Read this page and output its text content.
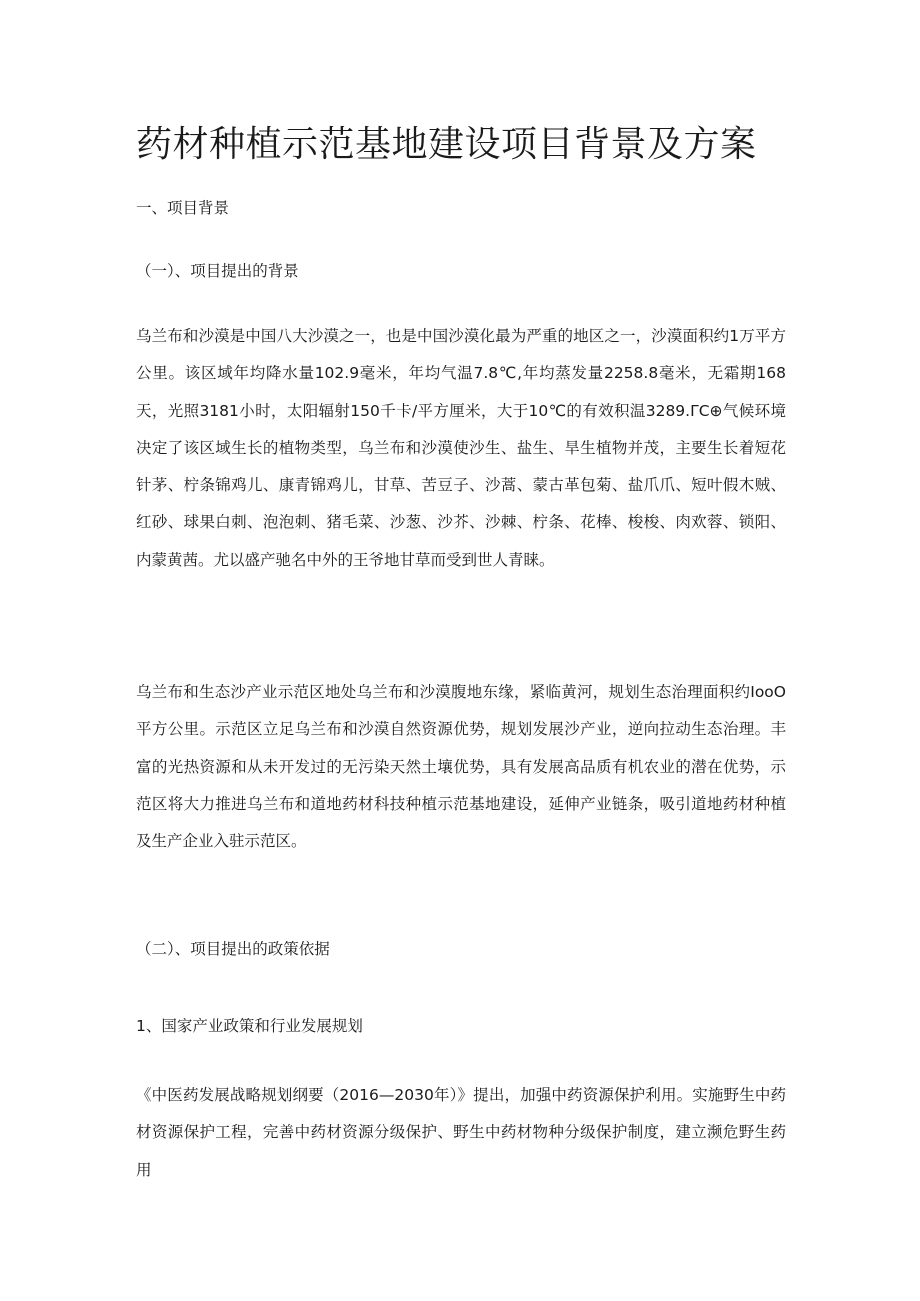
药材种植示范基地建设项目背景及方案

一、项目背景

（一）、项目提出的背景

乌兰布和沙漠是中国八大沙漠之一，也是中国沙漠化最为严重的地区之一，沙漠面积约1万平方公里。该区域年均降水量102.9毫米，年均气温7.8℃,年均蒸发量2258.8毫米，无霜期168天，光照3181小时，太阳辐射150千卡/平方厘米，大于10℃的有效积温3289.ΓC⊕气候环境决定了该区域生长的植物类型，乌兰布和沙漠使沙生、盐生、旱生植物并茂，主要生长着短花针茅、柠条锦鸡儿、康青锦鸡儿，甘草、苦豆子、沙蒿、蒙古革包菊、盐爪爪、短叶假木贼、红砂、球果白刺、泡泡刺、猪毛菜、沙葱、沙芥、沙棘、柠条、花棒、梭梭、肉欢蓉、锁阳、内蒙黄茜。尤以盛产驰名中外的王爷地甘草而受到世人青睐。

乌兰布和生态沙产业示范区地处乌兰布和沙漠腹地东缘，紧临黄河，规划生态治理面积约IooO平方公里。示范区立足乌兰布和沙漠自然资源优势，规划发展沙产业，逆向拉动生态治理。丰富的光热资源和从未开发过的无污染天然土壤优势，具有发展高品质有机农业的潜在优势，示范区将大力推进乌兰布和道地药材科技种植示范基地建设，延伸产业链条，吸引道地药材种植及生产企业入驻示范区。

（二）、项目提出的政策依据

1、国家产业政策和行业发展规划

《中医药发展战略规划纲要（2016—2030年）》提出，加强中药资源保护利用。实施野生中药材资源保护工程，完善中药材资源分级保护、野生中药材物种分级保护制度，建立濒危野生药用
